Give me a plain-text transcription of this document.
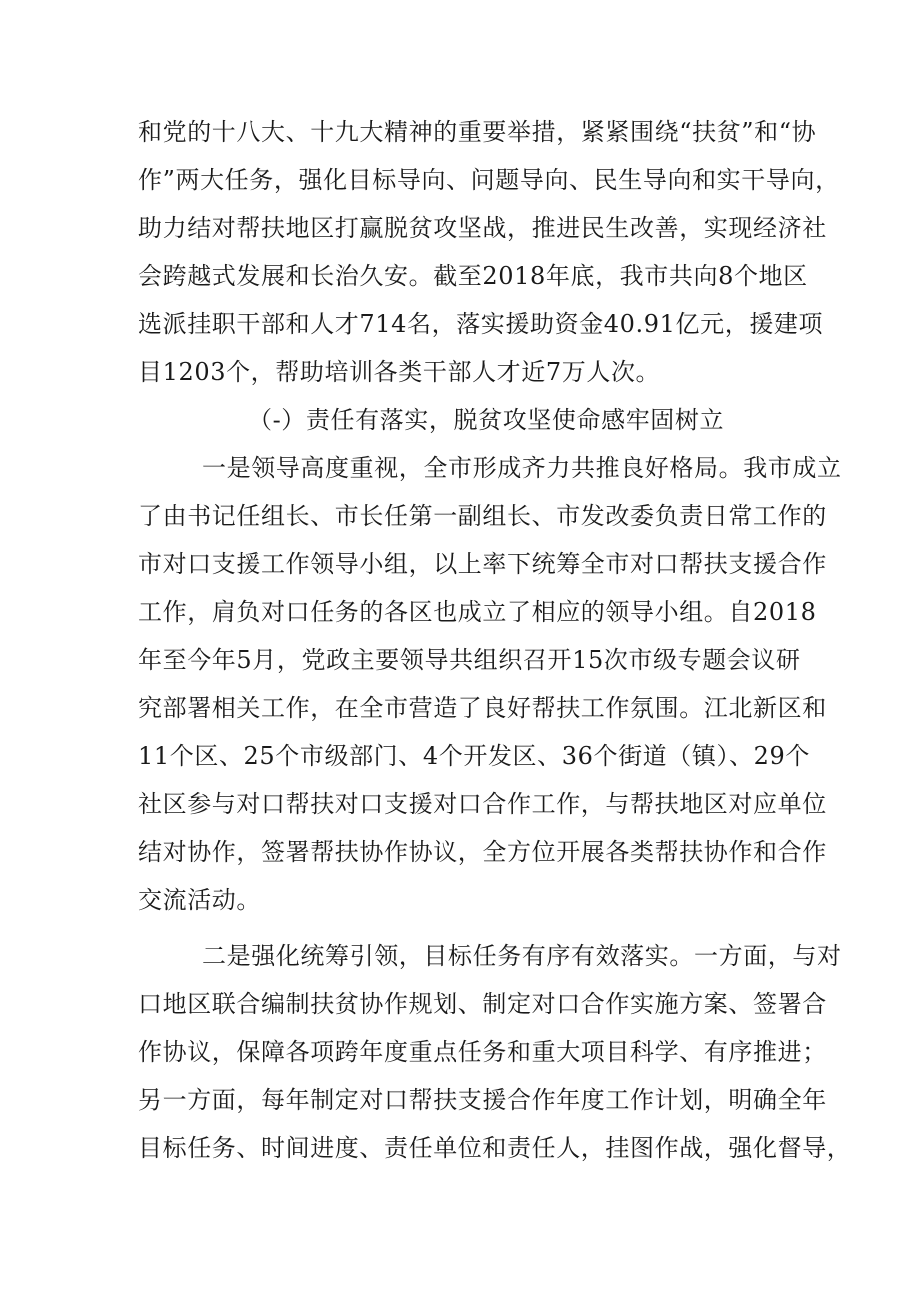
和党的十八大、十九大精神的重要举措，紧紧围绕“扶贫”和“协
作”两大任务，强化目标导向、问题导向、民生导向和实干导向，
助力结对帮扶地区打赢脱贫攻坚战，推进民生改善，实现经济社
会跨越式发展和长治久安。截至2018年底，我市共向8个地区
选派挂职干部和人才714名，落实援助资金40.91亿元，援建项
目1203个，帮助培训各类干部人才近7万人次。
（-）责任有落实，脱贫攻坚使命感牢固树立
一是领导高度重视，全市形成齐力共推良好格局。我市成立
了由书记任组长、市长任第一副组长、市发改委负责日常工作的
市对口支援工作领导小组，以上率下统筹全市对口帮扶支援合作
工作，肩负对口任务的各区也成立了相应的领导小组。自2018
年至今年5月，党政主要领导共组织召开15次市级专题会议研
究部署相关工作，在全市营造了良好帮扶工作氛围。江北新区和
11个区、25个市级部门、4个开发区、36个街道（镇）、29个
社区参与对口帮扶对口支援对口合作工作，与帮扶地区对应单位
结对协作，签署帮扶协作协议，全方位开展各类帮扶协作和合作
交流活动。
二是强化统筹引领，目标任务有序有效落实。一方面，与对
口地区联合编制扶贫协作规划、制定对口合作实施方案、签署合
作协议，保障各项跨年度重点任务和重大项目科学、有序推进；
另一方面，每年制定对口帮扶支援合作年度工作计划，明确全年
目标任务、时间进度、责任单位和责任人，挂图作战，强化督导，
